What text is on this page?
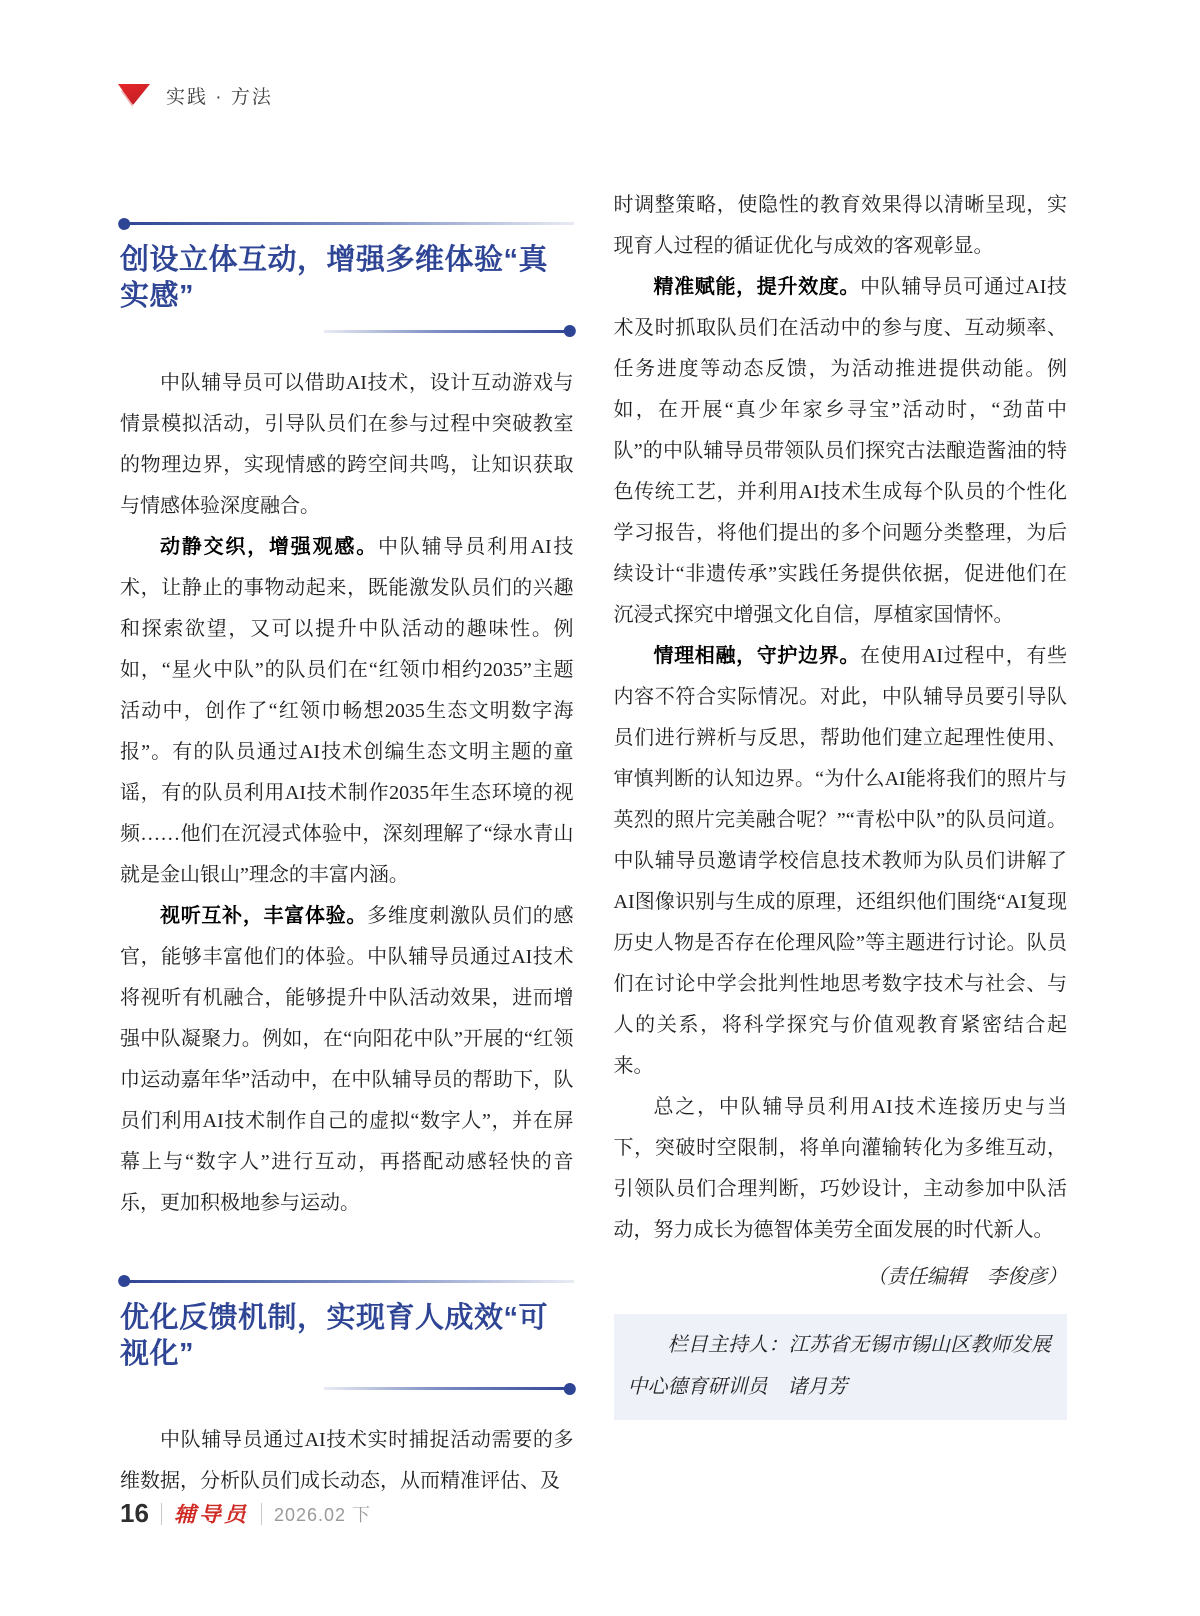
实践 · 方法
创设立体互动，增强多维体验“真实感”

中队辅导员可以借助AI技术，设计互动游戏与情景模拟活动，引导队员们在参与过程中突破教室的物理边界，实现情感的跨空间共鸣，让知识获取与情感体验深度融合。

动静交织，增强观感。中队辅导员利用AI技术，让静止的事物动起来，既能激发队员们的兴趣和探索欲望，又可以提升中队活动的趣味性。例如，“星火中队”的队员们在“红领巾相约2035”主题活动中，创作了“红领巾畅想2035生态文明数字海报”。有的队员通过AI技术创编生态文明主题的童谣，有的队员利用AI技术制作2035年生态环境的视频……他们在沉浸式体验中，深刻理解了“绿水青山就是金山银山”理念的丰富内涵。

视听互补，丰富体验。多维度刺激队员们的感官，能够丰富他们的体验。中队辅导员通过AI技术将视听有机融合，能够提升中队活动效果，进而增强中队凝聚力。例如，在“向阳花中队”开展的“红领巾运动嘉年华”活动中，在中队辅导员的帮助下，队员们利用AI技术制作自己的虚拟“数字人”，并在屏幕上与“数字人”进行互动，再搭配动感轻快的音乐，更加积极地参与运动。

优化反馈机制，实现育人成效“可视化”

中队辅导员通过AI技术实时捕捉活动需要的多维数据，分析队员们成长动态，从而精准评估、及

时调整策略，使隐性的教育效果得以清晰呈现，实现育人过程的循证优化与成效的客观彰显。

精准赋能，提升效度。中队辅导员可通过AI技术及时抓取队员们在活动中的参与度、互动频率、任务进度等动态反馈，为活动推进提供动能。例如，在开展“真少年家乡寻宝”活动时，“劲苗中队”的中队辅导员带领队员们探究古法酿造酱油的特色传统工艺，并利用AI技术生成每个队员的个性化学习报告，将他们提出的多个问题分类整理，为后续设计“非遗传承”实践任务提供依据，促进他们在沉浸式探究中增强文化自信，厚植家国情怀。

情理相融，守护边界。在使用AI过程中，有些内容不符合实际情况。对此，中队辅导员要引导队员们进行辨析与反思，帮助他们建立起理性使用、审慎判断的认知边界。“为什么AI能将我们的照片与英烈的照片完美融合呢？”“青松中队”的队员问道。中队辅导员邀请学校信息技术教师为队员们讲解了AI图像识别与生成的原理，还组织他们围绕“AI复现历史人物是否存在伦理风险”等主题进行讨论。队员们在讨论中学会批判性地思考数字技术与社会、与人的关系，将科学探究与价值观教育紧密结合起来。

总之，中队辅导员利用AI技术连接历史与当下，突破时空限制，将单向灌输转化为多维互动，引领队员们合理判断，巧妙设计，主动参加中队活动，努力成长为德智体美劳全面发展的时代新人。

（责任编辑　李俊彦）

栏目主持人：江苏省无锡市锡山区教师发展中心德育研训员　诸月芳

16 辅导员 2026.02 下
